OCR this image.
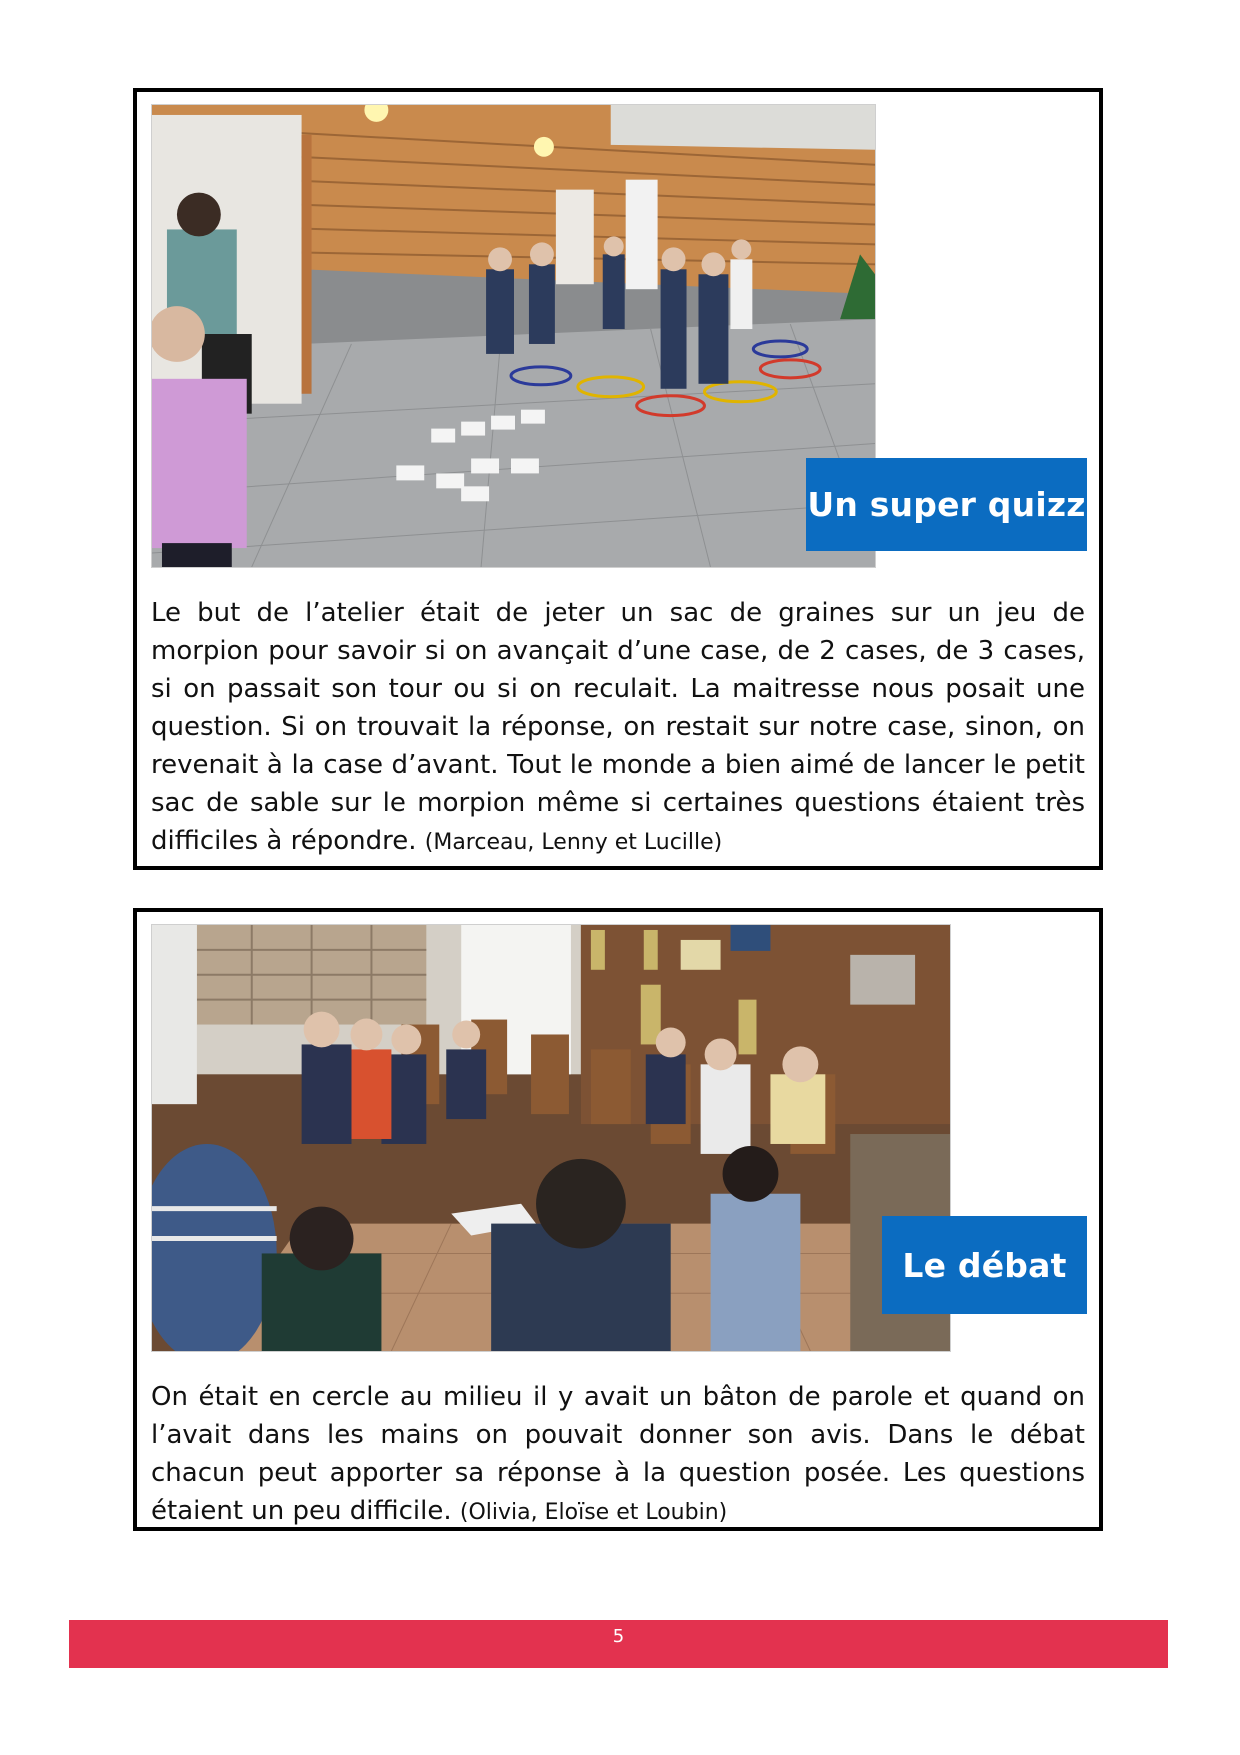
Un super quizz

Le but de l’atelier était de jeter un sac de graines sur un jeu de morpion pour savoir si on avançait d’une case, de 2 cases, de 3 cases, si on passait son tour ou si on reculait. La maitresse nous posait une question. Si on trouvait la réponse, on restait sur notre case, sinon, on revenait à la case d’avant. Tout le monde a bien aimé de lancer le petit sac de sable sur le morpion même si certaines questions étaient très difficiles à répondre. (Marceau, Lenny et Lucille)

Le débat

On était en cercle au milieu il y avait un bâton de parole et quand on l’avait dans les mains on pouvait donner son avis. Dans le débat chacun peut apporter sa réponse à la question posée. Les questions étaient un peu difficile. (Olivia, Eloïse et Loubin)

5
